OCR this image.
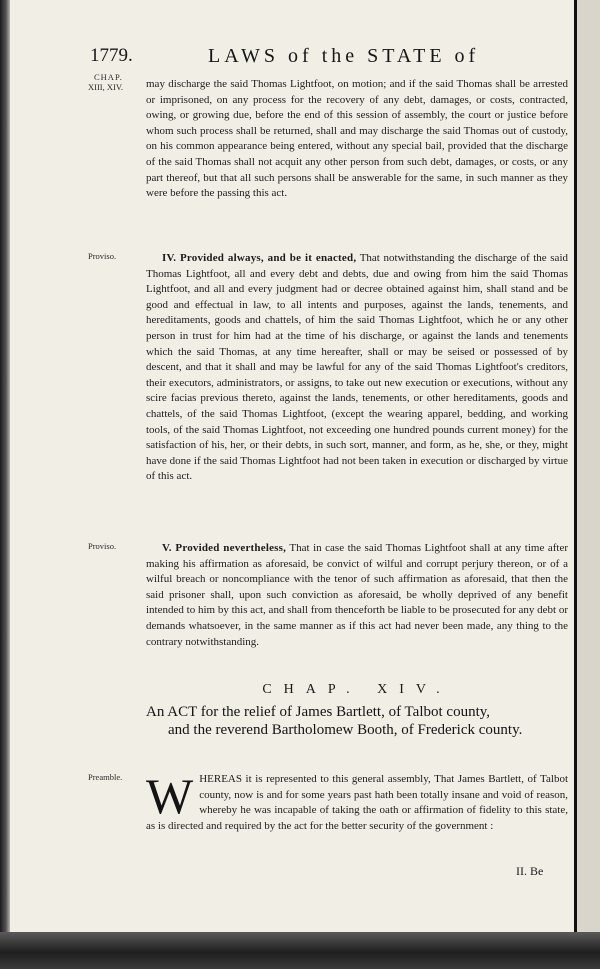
1779.	LAWS of the STATE of
CHAP.
XIII, XIV.	may discharge the said Thomas Lightfoot, on motion; and if the said Thomas shall be arrested or imprisoned, on any process for the recovery of any debt, damages, or costs, contracted, owing, or growing due, before the end of this session of assembly, the court or justice before whom such process shall be returned, shall and may discharge the said Thomas out of custody, on his common appearance being entered, without any special bail, provided that the discharge of the said Thomas shall not acquit any other person from such debt, damages, or costs, or any part thereof, but that all such persons shall be answerable for the same, in such manner as they were before the passing this act.

Proviso.	IV. Provided always, and be it enacted, That notwithstanding the discharge of the said Thomas Lightfoot, all and every debt and debts, due and owing from him the said Thomas Lightfoot, and all and every judgment had or decree obtained against him, shall stand and be good and effectual in law, to all intents and purposes, against the lands, tenements, and hereditaments, goods and chattels, of him the said Thomas Lightfoot, which he or any other person in trust for him had at the time of his discharge, or against the lands and tenements which the said Thomas, at any time hereafter, shall or may be seised or possessed of by descent, and that it shall and may be lawful for any of the said Thomas Lightfoot's creditors, their executors, administrators, or assigns, to take out new execution or executions, without any scire facias previous thereto, against the lands, tenements, or other hereditaments, goods and chattels, of the said Thomas Lightfoot, (except the wearing apparel, bedding, and working tools, of the said Thomas Lightfoot, not exceeding one hundred pounds current money) for the satisfaction of his, her, or their debts, in such sort, manner, and form, as he, she, or they, might have done if the said Thomas Lightfoot had not been taken in execution or discharged by virtue of this act.

Proviso.	V. Provided nevertheless, That in case the said Thomas Lightfoot shall at any time after making his affirmation as aforesaid, be convict of wilful and corrupt perjury thereon, or of a wilful breach or noncompliance with the tenor of such affirmation as aforesaid, that then the said prisoner shall, upon such conviction as aforesaid, be wholly deprived of any benefit intended to him by this act, and shall from thenceforth be liable to be prosecuted for any debt or demands whatsoever, in the same manner as if this act had never been made, any thing to the contrary notwithstanding.

CHAP. XIV.
An ACT for the relief of James Bartlett, of Talbot county,
and the reverend Bartholomew Booth, of Frederick county.
Preamble. W HEREAS it is represented to this general assembly, That James Bartlett, of Talbot county, now is and for some years past hath been totally insane and void of reason, whereby he was incapable of taking the oath or affirmation of fidelity to this state, as is directed and required by the act for the better security of the government :

II. Be
